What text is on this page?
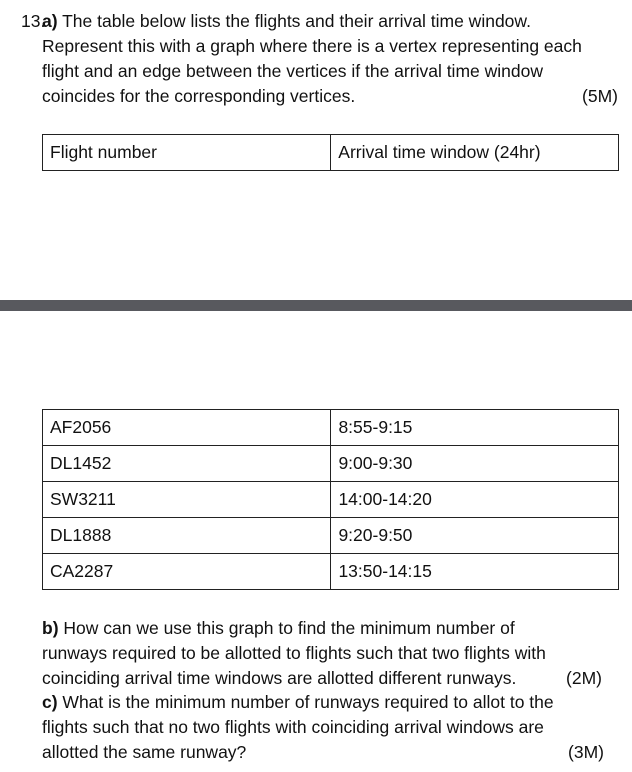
13.
a) The table below lists the flights and their arrival time window.
Represent this with a graph where there is a vertex representing each
flight and an edge between the vertices if the arrival time window
coincides for the corresponding vertices.	(5M)
Flight number	Arrival time window (24hr)
AF2056	8:55-9:15
DL1452	9:00-9:30
SW3211	14:00-14:20
DL1888	9:20-9:50
CA2287	13:50-14:15
b) How can we use this graph to find the minimum number of
runways required to be allotted to flights such that two flights with
coinciding arrival time windows are allotted different runways.	(2M)
c) What is the minimum number of runways required to allot to the
flights such that no two flights with coinciding arrival windows are
allotted the same runway?	(3M)
